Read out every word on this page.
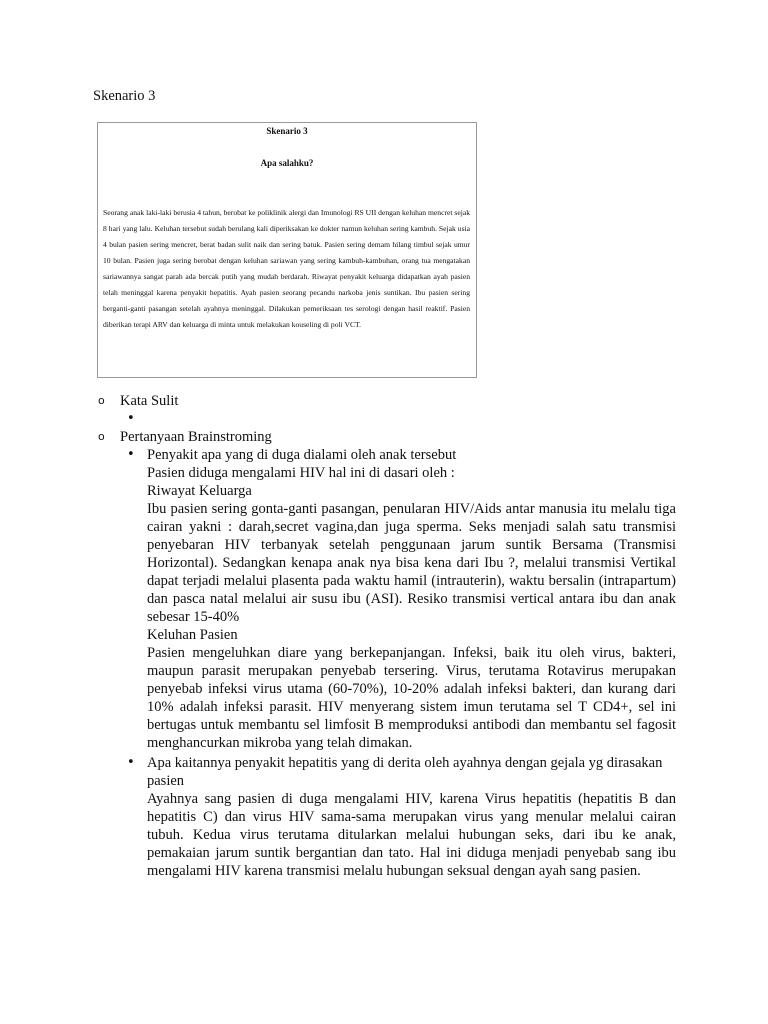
Skenario 3
Skenario 3
Apa salahku?

Seorang anak laki-laki berusia 4 tahun, berobat ke poliklinik alergi dan Imunologi RS UII dengan keluhan mencret sejak 8 hari yang lalu. Keluhan tersebut sudah berulang kali diperiksakan ke dokter namun keluhan sering kambuh. Sejak usia 4 bulan pasien sering mencret, berat badan sulit naik dan sering batuk. Pasien sering demam hilang timbul sejak umur 10 bulan. Pasien juga sering berobat dengan keluhan sariawan yang sering kambuh-kambuhan, orang tua mengatakan sariawannya sangat parah ada bercak putih yang mudah berdarah. Riwayat penyakit keluarga didapatkan ayah pasien telah meninggal karena penyakit hepatitis. Ayah pasien seorang pecandu narkoba jenis suntikan. Ibu pasien sering berganti-ganti pasangan setelah ayahnya meninggal. Dilakukan pemeriksaan tes serologi dengan hasil reaktif. Pasien diberikan terapi ARV dan keluarga di minta untuk melakukan kouseling di poli VCT.

o Kata Sulit
•

o Pertanyaan Brainstroming
• Penyakit apa yang di duga dialami oleh anak tersebut
Pasien diduga mengalami HIV hal ini di dasari oleh :
Riwayat Keluarga
Ibu pasien sering gonta-ganti pasangan, penularan HIV/Aids antar manusia itu melalu tiga cairan yakni : darah,secret vagina,dan juga sperma. Seks menjadi salah satu transmisi penyebaran HIV terbanyak setelah penggunaan jarum suntik Bersama (Transmisi Horizontal). Sedangkan kenapa anak nya bisa kena dari Ibu ?, melalui transmisi Vertikal dapat terjadi melalui plasenta pada waktu hamil (intrauterin), waktu bersalin (intrapartum) dan pasca natal melalui air susu ibu (ASI). Resiko transmisi vertical antara ibu dan anak sebesar 15-40%
Keluhan Pasien
Pasien mengeluhkan diare yang berkepanjangan. Infeksi, baik itu oleh virus, bakteri, maupun parasit merupakan penyebab tersering. Virus, terutama Rotavirus merupakan penyebab infeksi virus utama (60-70%), 10-20% adalah infeksi bakteri, dan kurang dari 10% adalah infeksi parasit. HIV menyerang sistem imun terutama sel T CD4+, sel ini bertugas untuk membantu sel limfosit B memproduksi antibodi dan membantu sel fagosit menghancurkan mikroba yang telah dimakan.
• Apa kaitannya penyakit hepatitis yang di derita oleh ayahnya dengan gejala yg dirasakan pasien
Ayahnya sang pasien di duga mengalami HIV, karena Virus hepatitis (hepatitis B dan hepatitis C) dan virus HIV sama-sama merupakan virus yang menular melalui cairan tubuh. Kedua virus terutama ditularkan melalui hubungan seks, dari ibu ke anak, pemakaian jarum suntik bergantian dan tato. Hal ini diduga menjadi penyebab sang ibu mengalami HIV karena transmisi melalu hubungan seksual dengan ayah sang pasien.
